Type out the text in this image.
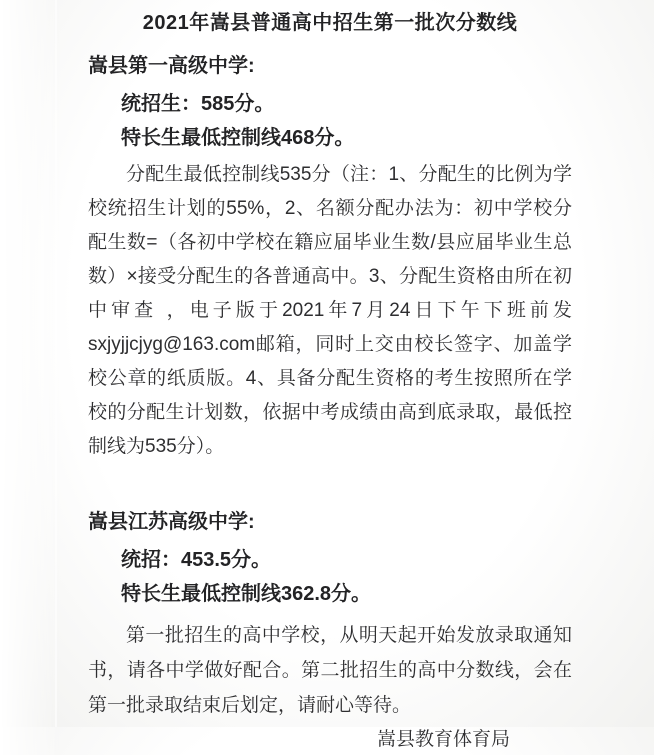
2021年嵩县普通高中招生第一批次分数线
嵩县第一高级中学:

统招生：585分。

特长生最低控制线468分。

分配生最低控制线535分（注：1、分配生的比例为学校统招生计划的55%，2、名额分配办法为：初中学校分配生数=（各初中学校在籍应届毕业生数/县应届毕业生总数）×接受分配生的各普通高中。3、分配生资格由所在初中审查 ，电子版于2021年7月24日下午下班前发sxjyjjcjyg@163.com邮箱，同时上交由校长签字、加盖学校公章的纸质版。4、具备分配生资格的考生按照所在学校的分配生计划数，依据中考成绩由高到底录取，最低控制线为535分）。

嵩县江苏高级中学:

统招：453.5分。

特长生最低控制线362.8分。

第一批招生的高中学校，从明天起开始发放录取通知书，请各中学做好配合。第二批招生的高中分数线，会在第一批录取结束后划定，请耐心等待。

嵩县教育体育局
